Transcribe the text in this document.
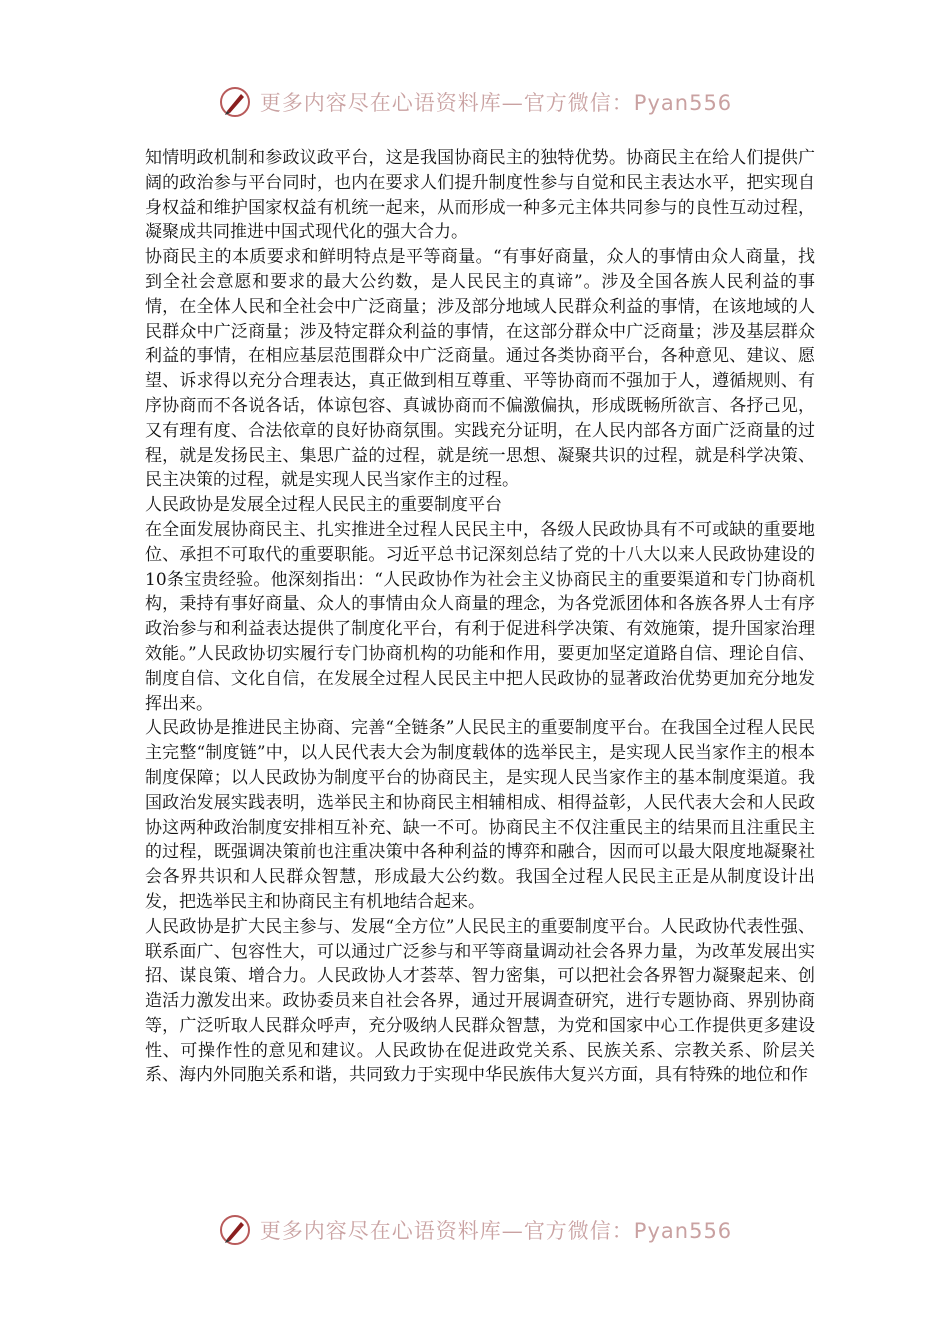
更多内容尽在心语资料库—官方微信：Pyan556

知情明政机制和参政议政平台，这是我国协商民主的独特优势。协商民主在给人们提供广阔的政治参与平台同时，也内在要求人们提升制度性参与自觉和民主表达水平，把实现自身权益和维护国家权益有机统一起来，从而形成一种多元主体共同参与的良性互动过程，凝聚成共同推进中国式现代化的强大合力。

协商民主的本质要求和鲜明特点是平等商量。“有事好商量，众人的事情由众人商量，找到全社会意愿和要求的最大公约数，是人民民主的真谛”。涉及全国各族人民利益的事情，在全体人民和全社会中广泛商量；涉及部分地域人民群众利益的事情，在该地域的人民群众中广泛商量；涉及特定群众利益的事情，在这部分群众中广泛商量；涉及基层群众利益的事情，在相应基层范围群众中广泛商量。通过各类协商平台，各种意见、建议、愿望、诉求得以充分合理表达，真正做到相互尊重、平等协商而不强加于人，遵循规则、有序协商而不各说各话，体谅包容、真诚协商而不偏激偏执，形成既畅所欲言、各抒己见，又有理有度、合法依章的良好协商氛围。实践充分证明，在人民内部各方面广泛商量的过程，就是发扬民主、集思广益的过程，就是统一思想、凝聚共识的过程，就是科学决策、民主决策的过程，就是实现人民当家作主的过程。

人民政协是发展全过程人民民主的重要制度平台

在全面发展协商民主、扎实推进全过程人民民主中，各级人民政协具有不可或缺的重要地位、承担不可取代的重要职能。习近平总书记深刻总结了党的十八大以来人民政协建设的10条宝贵经验。他深刻指出：“人民政协作为社会主义协商民主的重要渠道和专门协商机构，秉持有事好商量、众人的事情由众人商量的理念，为各党派团体和各族各界人士有序政治参与和利益表达提供了制度化平台，有利于促进科学决策、有效施策，提升国家治理效能。”人民政协切实履行专门协商机构的功能和作用，要更加坚定道路自信、理论自信、制度自信、文化自信，在发展全过程人民民主中把人民政协的显著政治优势更加充分地发挥出来。

人民政协是推进民主协商、完善“全链条”人民民主的重要制度平台。在我国全过程人民民主完整“制度链”中，以人民代表大会为制度载体的选举民主，是实现人民当家作主的根本制度保障；以人民政协为制度平台的协商民主，是实现人民当家作主的基本制度渠道。我国政治发展实践表明，选举民主和协商民主相辅相成、相得益彰，人民代表大会和人民政协这两种政治制度安排相互补充、缺一不可。协商民主不仅注重民主的结果而且注重民主的过程，既强调决策前也注重决策中各种利益的博弈和融合，因而可以最大限度地凝聚社会各界共识和人民群众智慧，形成最大公约数。我国全过程人民民主正是从制度设计出发，把选举民主和协商民主有机地结合起来。

人民政协是扩大民主参与、发展“全方位”人民民主的重要制度平台。人民政协代表性强、联系面广、包容性大，可以通过广泛参与和平等商量调动社会各界力量，为改革发展出实招、谋良策、增合力。人民政协人才荟萃、智力密集，可以把社会各界智力凝聚起来、创造活力激发出来。政协委员来自社会各界，通过开展调查研究，进行专题协商、界别协商等，广泛听取人民群众呼声，充分吸纳人民群众智慧，为党和国家中心工作提供更多建设性、可操作性的意见和建议。人民政协在促进政党关系、民族关系、宗教关系、阶层关系、海内外同胞关系和谐，共同致力于实现中华民族伟大复兴方面，具有特殊的地位和作

更多内容尽在心语资料库—官方微信：Pyan556
